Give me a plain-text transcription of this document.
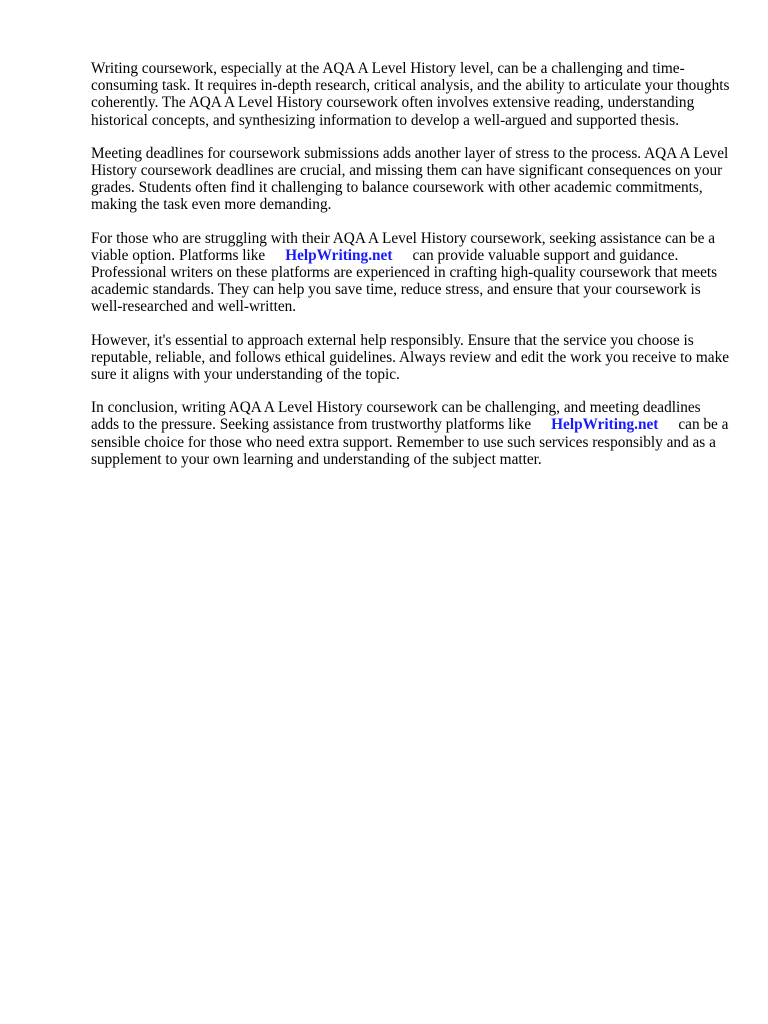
Writing coursework, especially at the AQA A Level History level, can be a challenging and time-consuming task. It requires in-depth research, critical analysis, and the ability to articulate your thoughts coherently. The AQA A Level History coursework often involves extensive reading, understanding historical concepts, and synthesizing information to develop a well-argued and supported thesis.

Meeting deadlines for coursework submissions adds another layer of stress to the process. AQA A Level History coursework deadlines are crucial, and missing them can have significant consequences on your grades. Students often find it challenging to balance coursework with other academic commitments, making the task even more demanding.

For those who are struggling with their AQA A Level History coursework, seeking assistance can be a viable option. Platforms like HelpWriting.net can provide valuable support and guidance. Professional writers on these platforms are experienced in crafting high-quality coursework that meets academic standards. They can help you save time, reduce stress, and ensure that your coursework is well-researched and well-written.

However, it's essential to approach external help responsibly. Ensure that the service you choose is reputable, reliable, and follows ethical guidelines. Always review and edit the work you receive to make sure it aligns with your understanding of the topic.

In conclusion, writing AQA A Level History coursework can be challenging, and meeting deadlines adds to the pressure. Seeking assistance from trustworthy platforms like HelpWriting.net can be a sensible choice for those who need extra support. Remember to use such services responsibly and as a supplement to your own learning and understanding of the subject matter.
